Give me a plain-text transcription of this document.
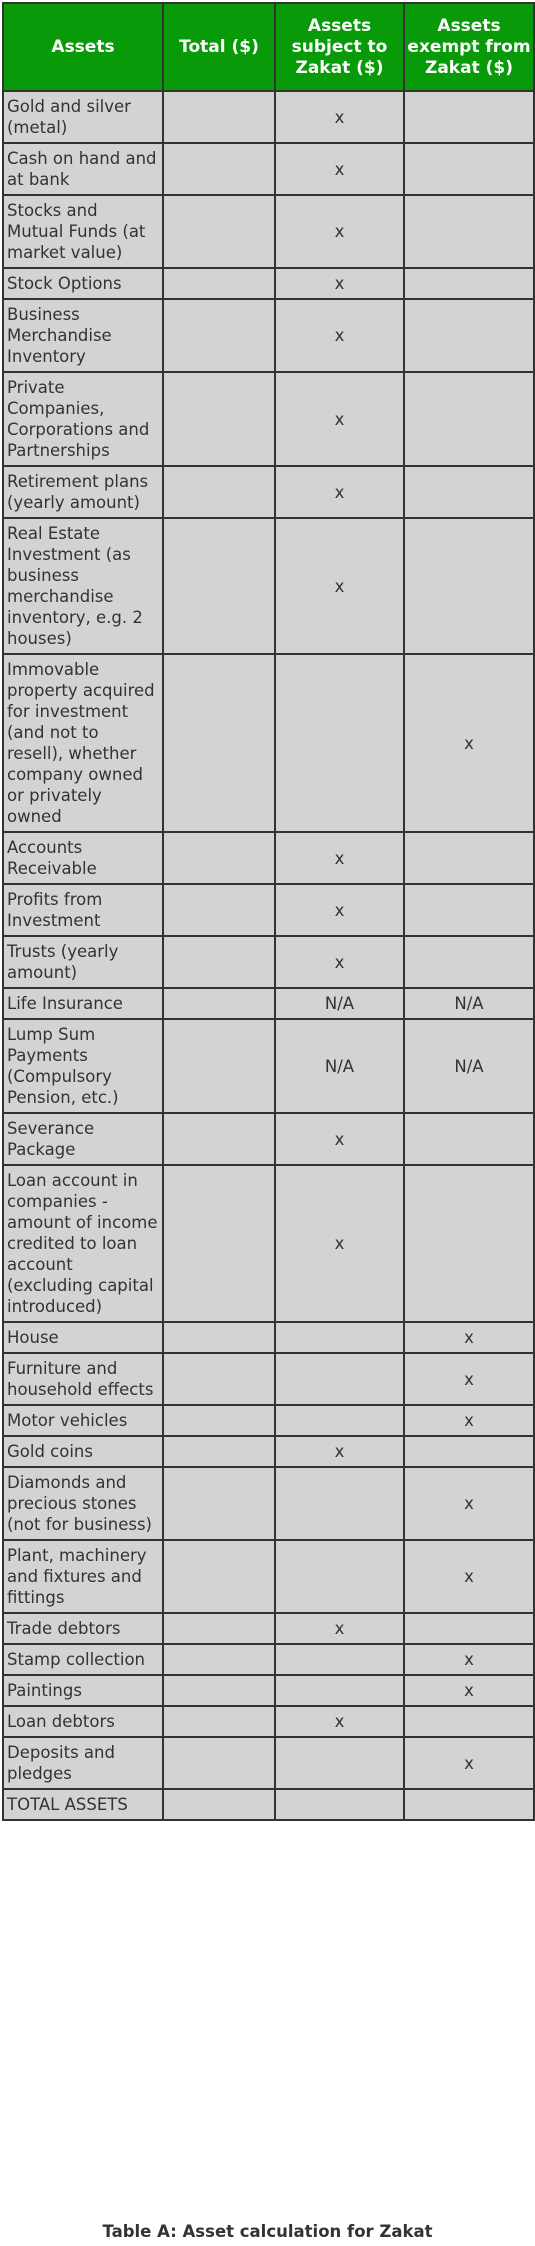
Assets	Total ($)	Assets subject to Zakat ($)	Assets exempt from Zakat ($)
Gold and silver (metal)		x	
Cash on hand and at bank		x	
Stocks and Mutual Funds (at market value)		x	
Stock Options		x	
Business Merchandise Inventory		x	
Private Companies, Corporations and Partnerships		x	
Retirement plans (yearly amount)		x	
Real Estate Investment (as business merchandise inventory, e.g. 2 houses)		x	
Immovable property acquired for investment (and not to resell), whether company owned or privately owned			x
Accounts Receivable		x	
Profits from Investment		x	
Trusts (yearly amount)		x	
Life Insurance		N/A	N/A
Lump Sum Payments (Compulsory Pension, etc.)		N/A	N/A
Severance Package		x	
Loan account in companies - amount of income credited to loan account (excluding capital introduced)		x	
House			x
Furniture and household effects			x
Motor vehicles			x
Gold coins		x	
Diamonds and precious stones (not for business)			x
Plant, machinery and fixtures and fittings			x
Trade debtors		x	
Stamp collection			x
Paintings			x
Loan debtors		x	
Deposits and pledges			x
TOTAL ASSETS			
Table A: Asset calculation for Zakat
